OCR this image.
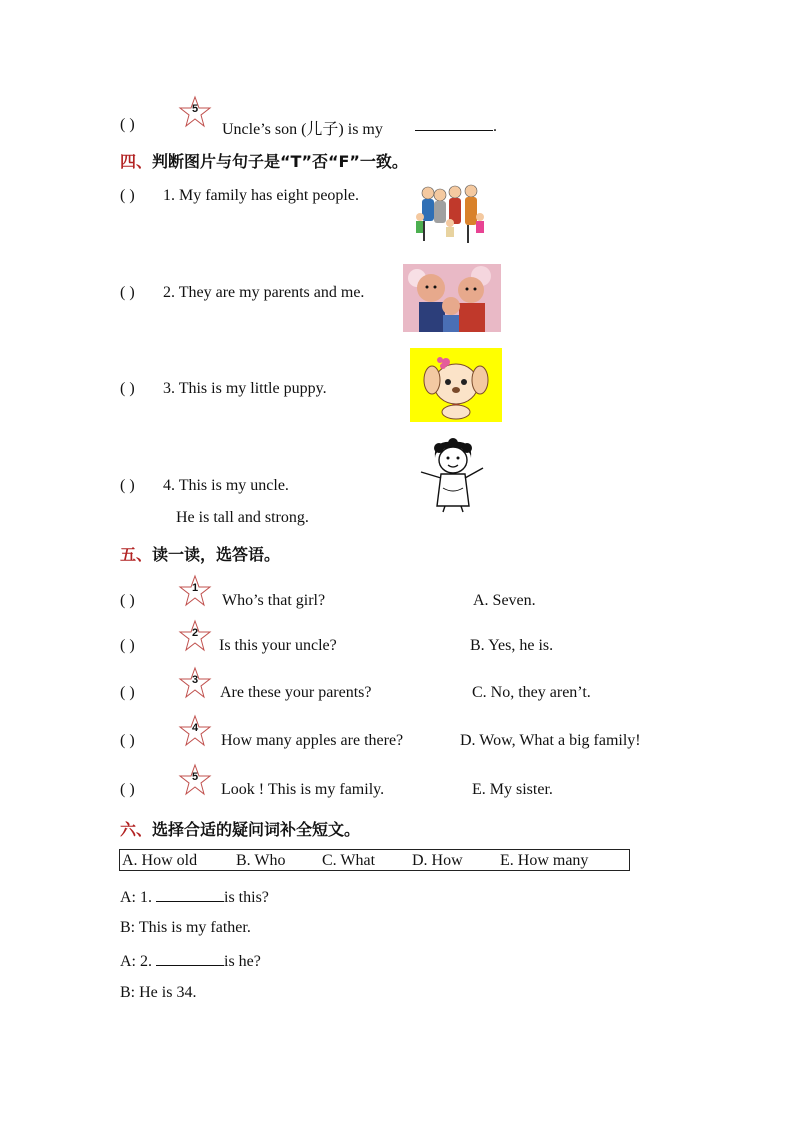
( )
5
Uncle’s son (儿子) is my	.
四、判断图片与句子是“T”否“F”一致。
( ) 1. My family has eight people.
( ) 2. They are my parents and me.
( ) 3. This is my little puppy.
( ) 4. This is my uncle.
He is tall and strong.
五、读一读，选答语。
( )
1
Who’s that girl?	A. Seven.
( )
2
Is this your uncle?	B. Yes, he is.
( )
3
Are these your parents?	C. No, they aren’t.
( )
4
How many apples are there?	D. Wow, What a big family!
( )
5
Look ! This is my family.	E. My sister.
六、选择合适的疑问词补全短文。
A. How old B. Who C. What D. How E. How many
A: 1.	is this?
B: This is my father.
A: 2.	is he?
B: He is 34.
